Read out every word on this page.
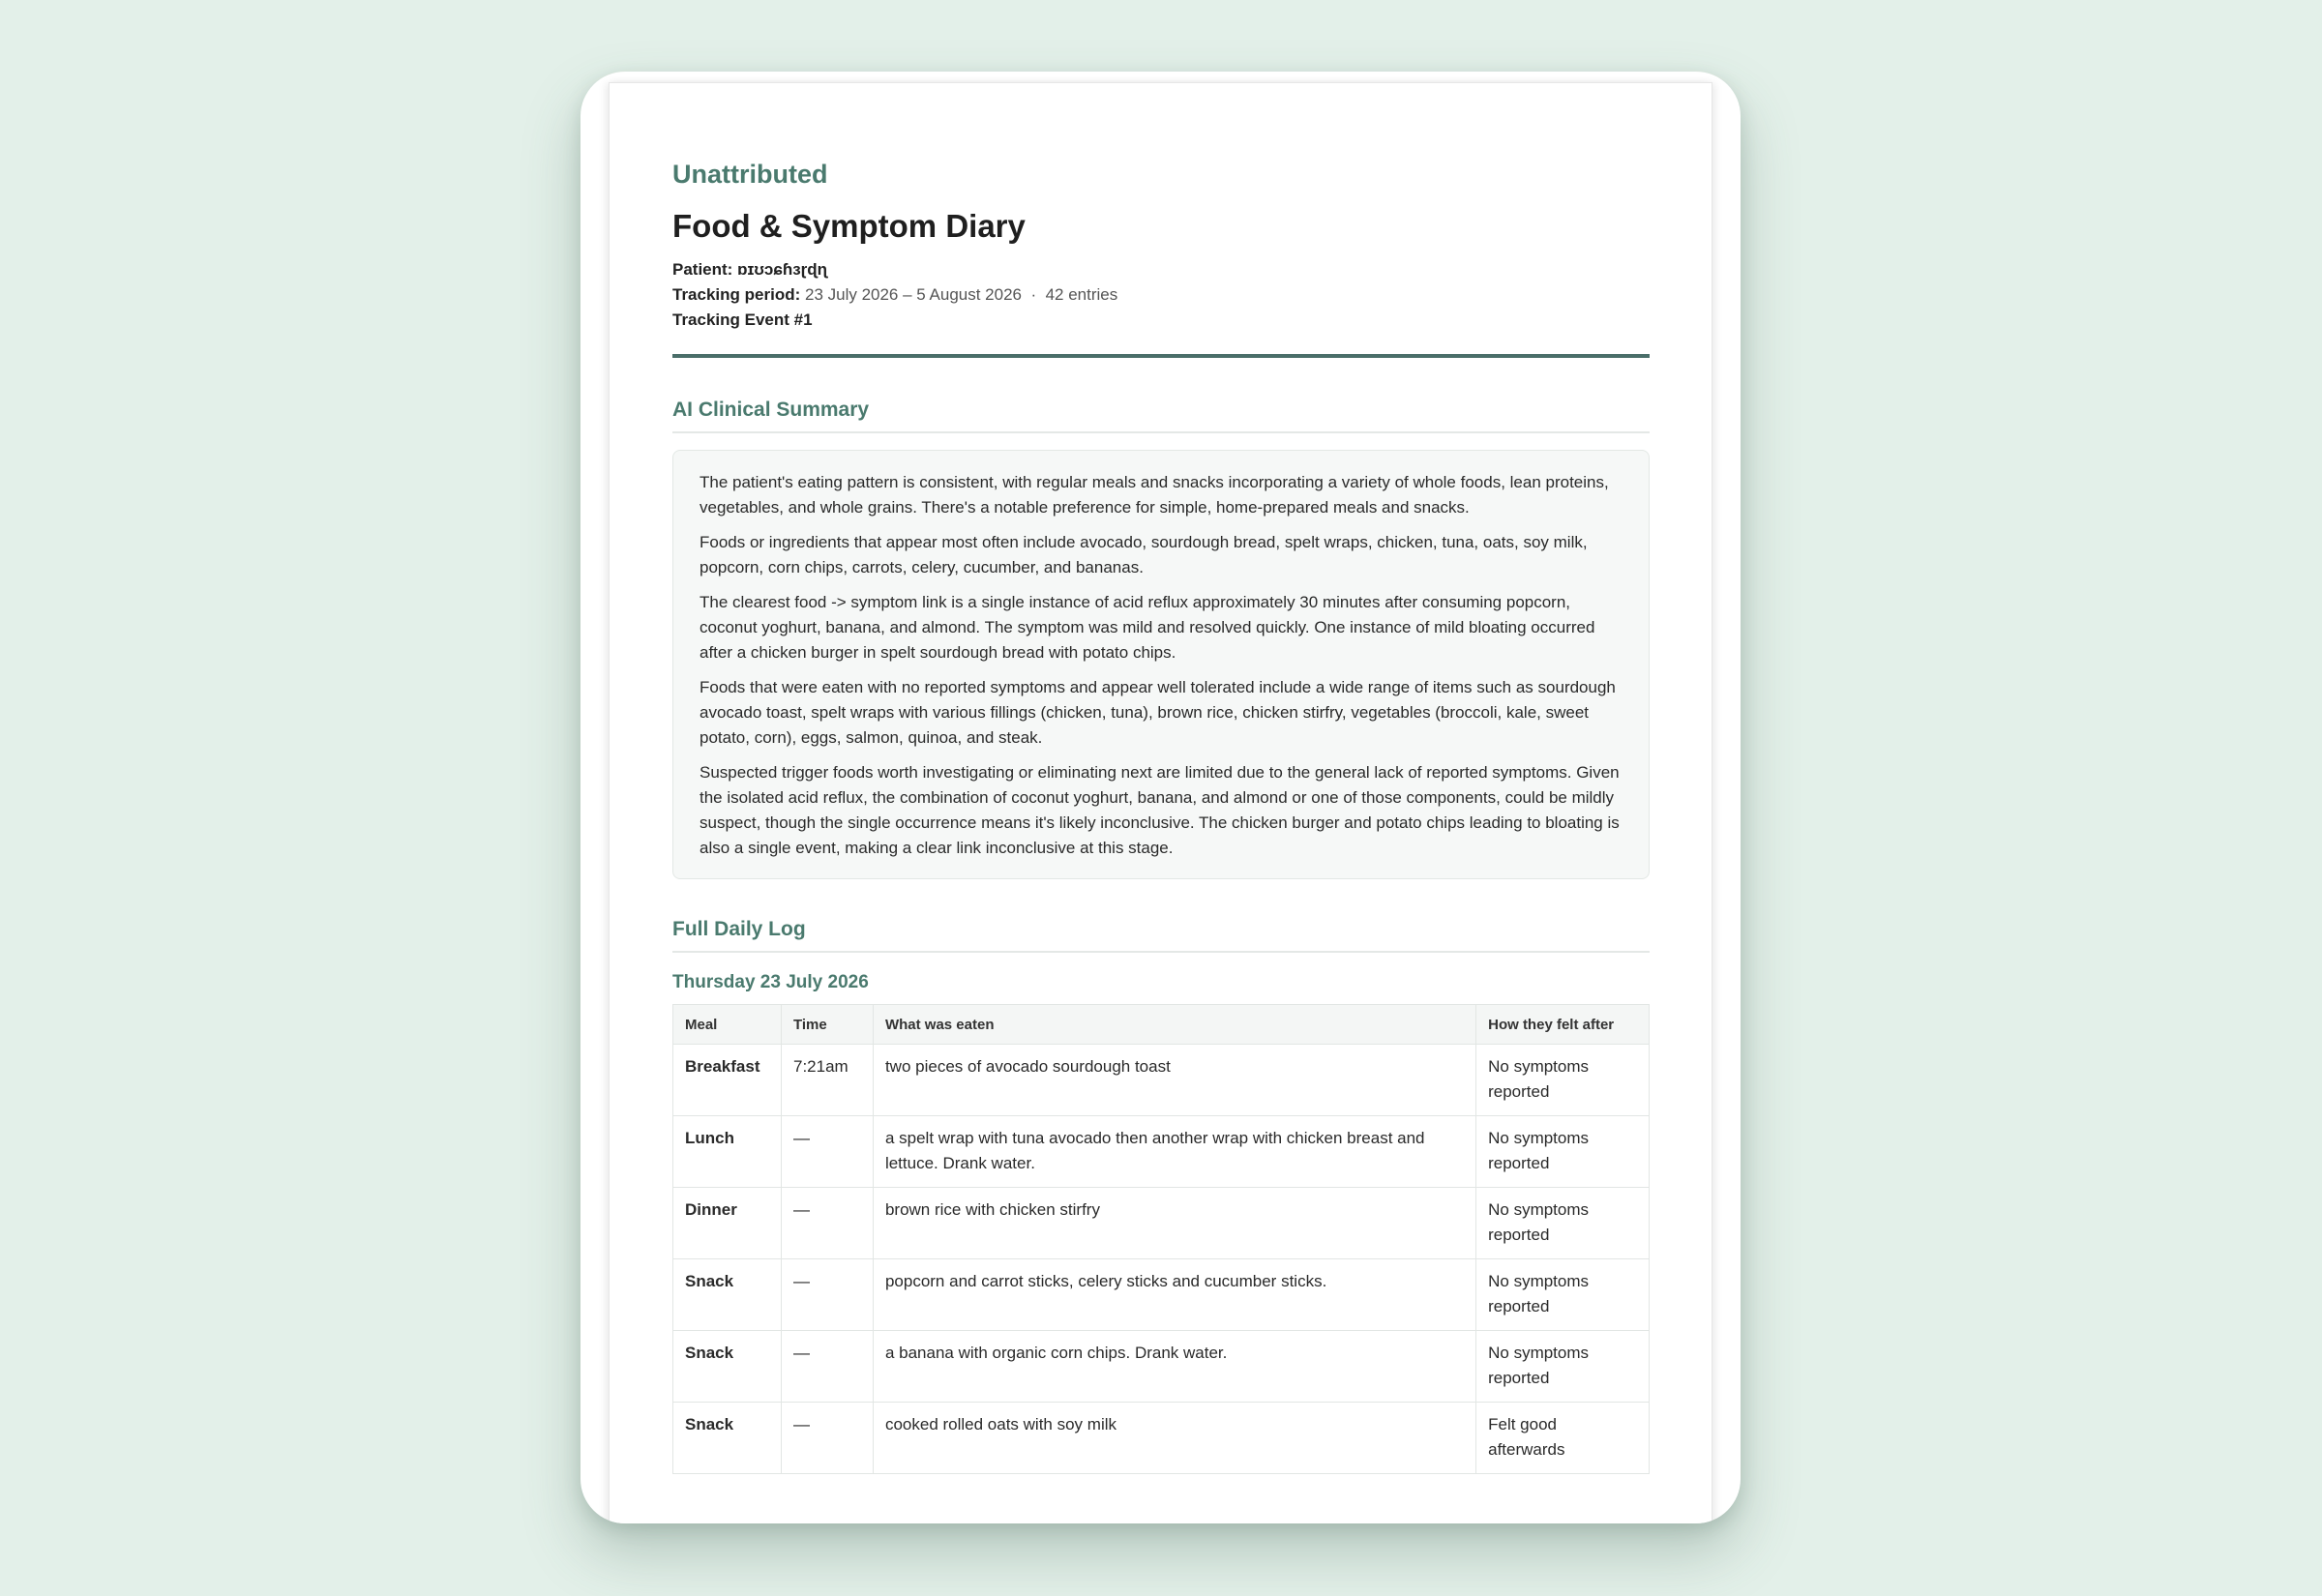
Unattributed
Food & Symptom Diary
Patient: ɒɪʊɔɕɦɜɽɖɳ
Tracking period: 23 July 2026 – 5 August 2026 · 42 entries
Tracking Event #1
AI Clinical Summary

The patient's eating pattern is consistent, with regular meals and snacks incorporating a variety of whole foods, lean proteins, vegetables, and whole grains. There's a notable preference for simple, home-prepared meals and snacks.

Foods or ingredients that appear most often include avocado, sourdough bread, spelt wraps, chicken, tuna, oats, soy milk, popcorn, corn chips, carrots, celery, cucumber, and bananas.

The clearest food -> symptom link is a single instance of acid reflux approximately 30 minutes after consuming popcorn, coconut yoghurt, banana, and almond. The symptom was mild and resolved quickly. One instance of mild bloating occurred after a chicken burger in spelt sourdough bread with potato chips.

Foods that were eaten with no reported symptoms and appear well tolerated include a wide range of items such as sourdough avocado toast, spelt wraps with various fillings (chicken, tuna), brown rice, chicken stirfry, vegetables (broccoli, kale, sweet potato, corn), eggs, salmon, quinoa, and steak.

Suspected trigger foods worth investigating or eliminating next are limited due to the general lack of reported symptoms. Given the isolated acid reflux, the combination of coconut yoghurt, banana, and almond or one of those components, could be mildly suspect, though the single occurrence means it's likely inconclusive. The chicken burger and potato chips leading to bloating is also a single event, making a clear link inconclusive at this stage.

Full Daily Log
Thursday 23 July 2026
Meal	Time	What was eaten	How they felt after
Breakfast	7:21am	two pieces of avocado sourdough toast	No symptoms reported
Lunch	—	a spelt wrap with tuna avocado then another wrap with chicken breast and lettuce. Drank water.	No symptoms reported
Dinner	—	brown rice with chicken stirfry	No symptoms reported
Snack	—	popcorn and carrot sticks, celery sticks and cucumber sticks.	No symptoms reported
Snack	—	a banana with organic corn chips. Drank water.	No symptoms reported
Snack	—	cooked rolled oats with soy milk	Felt good afterwards
